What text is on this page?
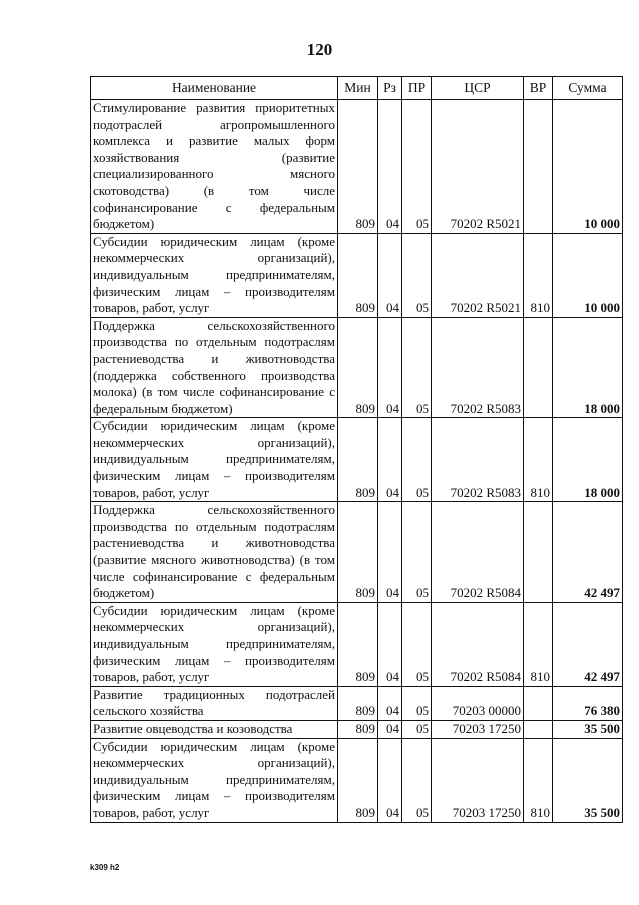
120
Наименование	Мин	Рз	ПР	ЦСР	ВР	Сумма
Стимулирование развития приоритетных подотраслей агропромышленного комплекса и развитие малых форм хозяйствования (развитие специализированного мясного скотоводства) (в том числе софинансирование с федеральным бюджетом)	809	04	05	70202 R5021		10 000
Субсидии юридическим лицам (кроме некоммерческих организаций), индивидуальным предпринимателям, физическим лицам – производителям товаров, работ, услуг	809	04	05	70202 R5021	810	10 000
Поддержка сельскохозяйственного производства по отдельным подотраслям растениеводства и животноводства (поддержка собственного производства молока) (в том числе софинансирование с федеральным бюджетом)	809	04	05	70202 R5083		18 000
Субсидии юридическим лицам (кроме некоммерческих организаций), индивидуальным предпринимателям, физическим лицам – производителям товаров, работ, услуг	809	04	05	70202 R5083	810	18 000
Поддержка сельскохозяйственного производства по отдельным подотраслям растениеводства и животноводства (развитие мясного животноводства) (в том числе софинансирование с федеральным бюджетом)	809	04	05	70202 R5084		42 497
Субсидии юридическим лицам (кроме некоммерческих организаций), индивидуальным предпринимателям, физическим лицам – производителям товаров, работ, услуг	809	04	05	70202 R5084	810	42 497
Развитие традиционных подотраслей сельского хозяйства	809	04	05	70203 00000		76 380
Развитие овцеводства и козоводства	809	04	05	70203 17250		35 500
Субсидии юридическим лицам (кроме некоммерческих организаций), индивидуальным предпринимателям, физическим лицам – производителям товаров, работ, услуг	809	04	05	70203 17250	810	35 500
k309 h2
